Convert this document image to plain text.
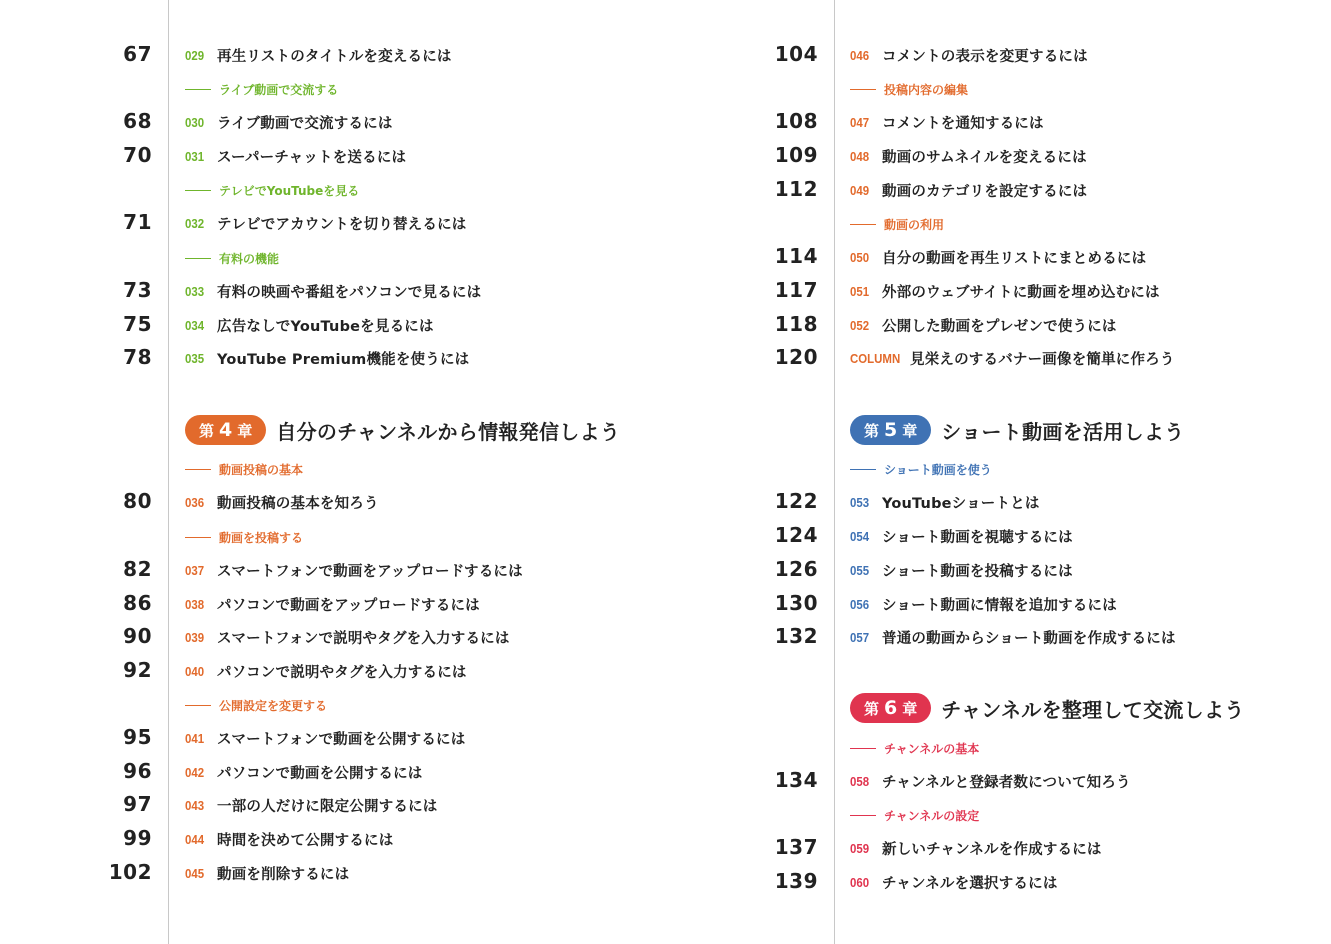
67	029 再生リストのタイトルを変えるには
ライブ動画で交流する
68	030 ライブ動画で交流するには
70	031 スーパーチャットを送るには
テレビでYouTubeを見る
71	032 テレビでアカウントを切り替えるには
有料の機能
73	033 有料の映画や番組をパソコンで見るには
75	034 広告なしでYouTubeを見るには
78	035 YouTube Premium機能を使うには
第 4 章 自分のチャンネルから情報発信しよう
動画投稿の基本
80	036 動画投稿の基本を知ろう
動画を投稿する
82	037 スマートフォンで動画をアップロードするには
86	038 パソコンで動画をアップロードするには
90	039 スマートフォンで説明やタグを入力するには
92	040 パソコンで説明やタグを入力するには
公開設定を変更する
95	041 スマートフォンで動画を公開するには
96	042 パソコンで動画を公開するには
97	043 一部の人だけに限定公開するには
99	044 時間を決めて公開するには
102	045 動画を削除するには
104 046 コメントの表示を変更するには
投稿内容の編集
108 047 コメントを通知するには
109 048 動画のサムネイルを変えるには
112 049 動画のカテゴリを設定するには
動画の利用
114 050 自分の動画を再生リストにまとめるには
117 051 外部のウェブサイトに動画を埋め込むには
118 052 公開した動画をプレゼンで使うには
120 COLUMN 見栄えのするバナー画像を簡単に作ろう
第 5 章 ショート動画を活用しよう
ショート動画を使う
122 053 YouTubeショートとは
124 054 ショート動画を視聴するには
126 055 ショート動画を投稿するには
130 056 ショート動画に情報を追加するには
132 057 普通の動画からショート動画を作成するには
第 6 章 チャンネルを整理して交流しよう
チャンネルの基本
134 058 チャンネルと登録者数について知ろう
チャンネルの設定
137 059 新しいチャンネルを作成するには
139 060 チャンネルを選択するには
